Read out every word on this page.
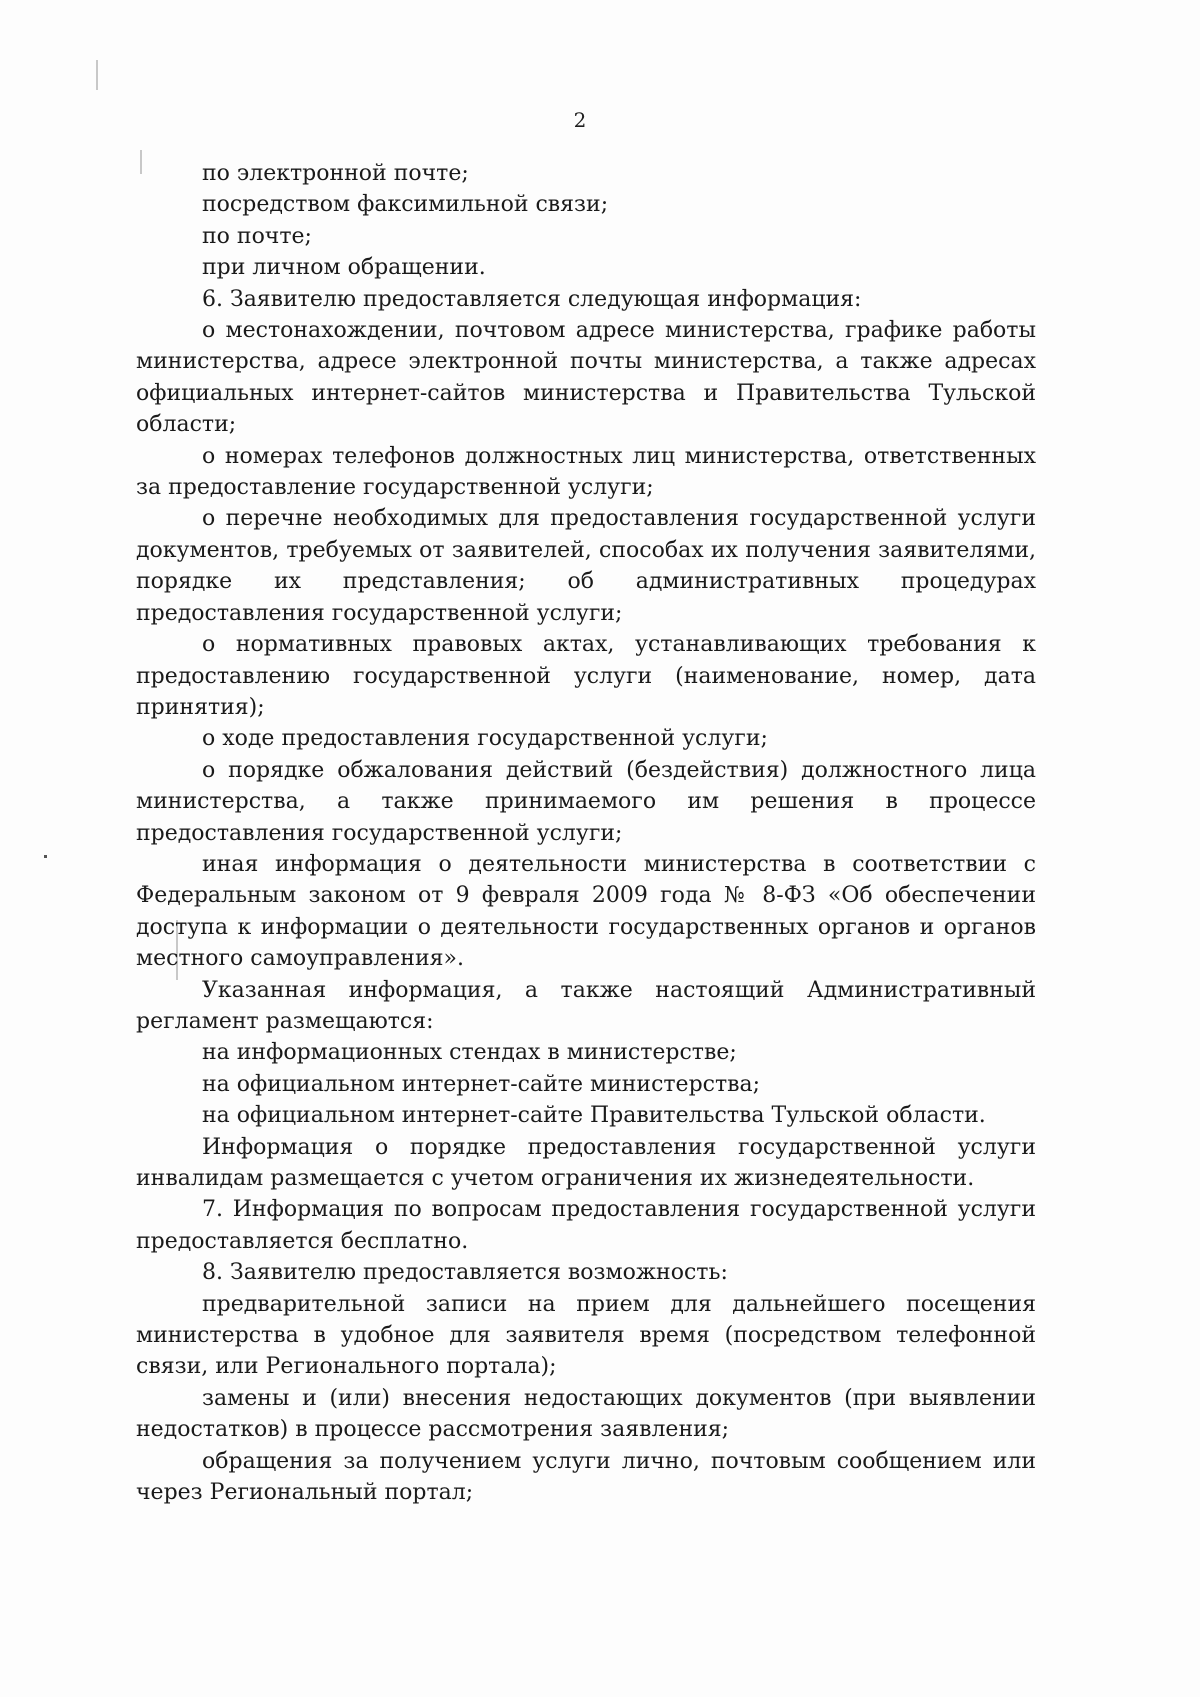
2

по электронной почте;

посредством факсимильной связи;

по почте;

при личном обращении.

6. Заявителю предоставляется следующая информация:

о местонахождении, почтовом адресе министерства, графике работы министерства, адресе электронной почты министерства, а также адресах официальных интернет-сайтов министерства и Правительства Тульской области;

о номерах телефонов должностных лиц министерства, ответственных за предоставление государственной услуги;

о перечне необходимых для предоставления государственной услуги документов, требуемых от заявителей, способах их получения заявителями, порядке их представления; об административных процедурах предоставления государственной услуги;

о нормативных правовых актах, устанавливающих требования к предоставлению государственной услуги (наименование, номер, дата принятия);

о ходе предоставления государственной услуги;

о порядке обжалования действий (бездействия) должностного лица министерства, а также принимаемого им решения в процессе предоставления государственной услуги;

иная информация о деятельности министерства в соответствии с Федеральным законом от 9 февраля 2009 года № 8-ФЗ «Об обеспечении доступа к информации о деятельности государственных органов и органов местного самоуправления».

Указанная информация, а также настоящий Административный регламент размещаются:

на информационных стендах в министерстве;

на официальном интернет-сайте министерства;

на официальном интернет-сайте Правительства Тульской области.

Информация о порядке предоставления государственной услуги инвалидам размещается с учетом ограничения их жизнедеятельности.

7. Информация по вопросам предоставления государственной услуги предоставляется бесплатно.

8. Заявителю предоставляется возможность:

предварительной записи на прием для дальнейшего посещения министерства в удобное для заявителя время (посредством телефонной связи, или Регионального портала);

замены и (или) внесения недостающих документов (при выявлении недостатков) в процессе рассмотрения заявления;

обращения за получением услуги лично, почтовым сообщением или через Региональный портал;
